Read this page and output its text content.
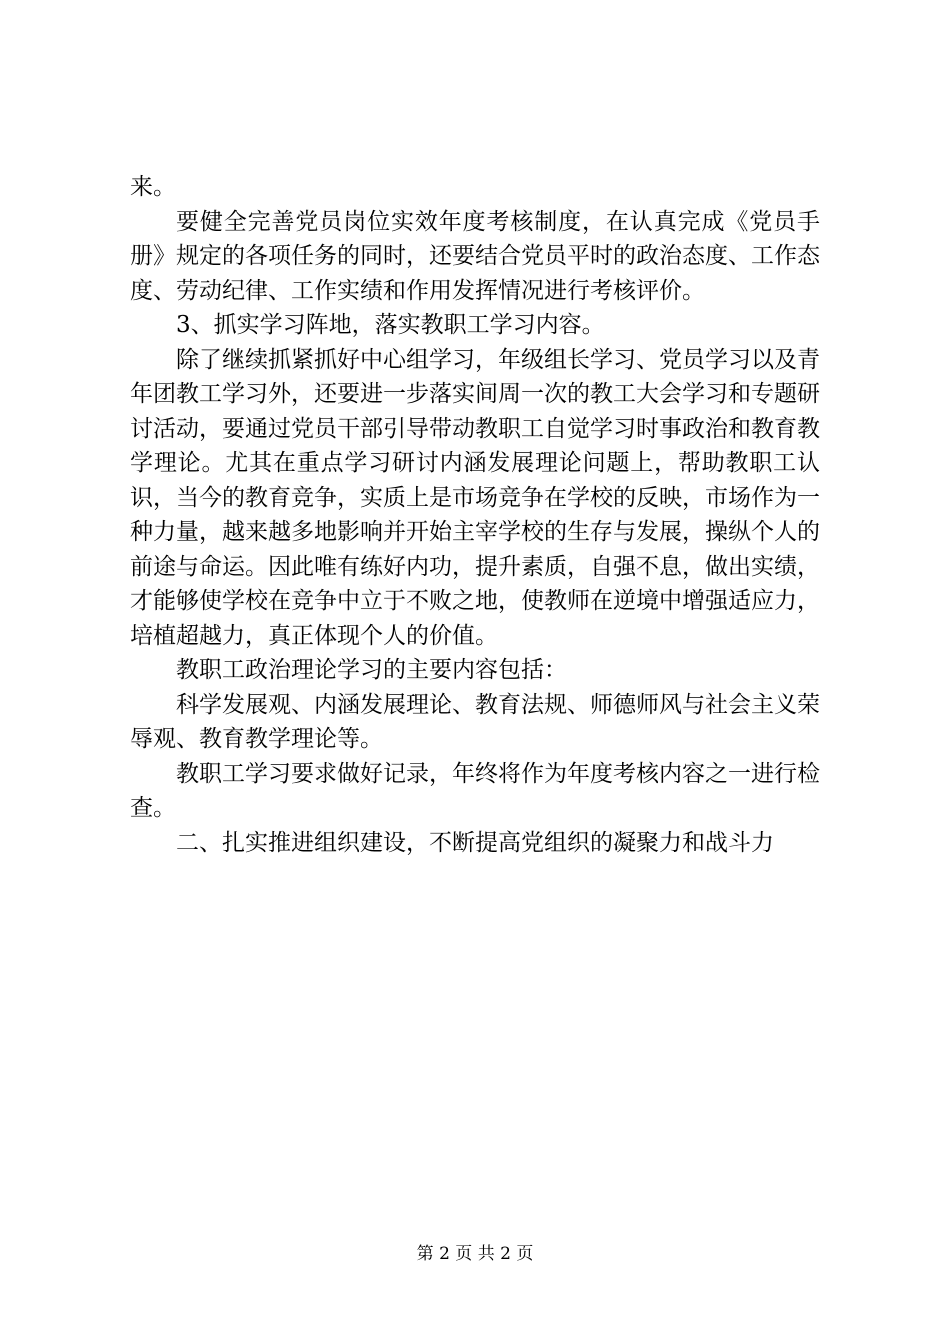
来。

要健全完善党员岗位实效年度考核制度，在认真完成《党员手册》规定的各项任务的同时，还要结合党员平时的政治态度、工作态度、劳动纪律、工作实绩和作用发挥情况进行考核评价。

3、抓实学习阵地，落实教职工学习内容。

除了继续抓紧抓好中心组学习，年级组长学习、党员学习以及青年团教工学习外，还要进一步落实间周一次的教工大会学习和专题研讨活动，要通过党员干部引导带动教职工自觉学习时事政治和教育教学理论。尤其在重点学习研讨内涵发展理论问题上，帮助教职工认识，当今的教育竞争，实质上是市场竞争在学校的反映，市场作为一种力量，越来越多地影响并开始主宰学校的生存与发展，操纵个人的前途与命运。因此唯有练好内功，提升素质，自强不息，做出实绩，才能够使学校在竞争中立于不败之地，使教师在逆境中增强适应力，培植超越力，真正体现个人的价值。

教职工政治理论学习的主要内容包括：

科学发展观、内涵发展理论、教育法规、师德师风与社会主义荣辱观、教育教学理论等。

教职工学习要求做好记录，年终将作为年度考核内容之一进行检查。

二、扎实推进组织建设，不断提高党组织的凝聚力和战斗力

第 2 页 共 2 页
